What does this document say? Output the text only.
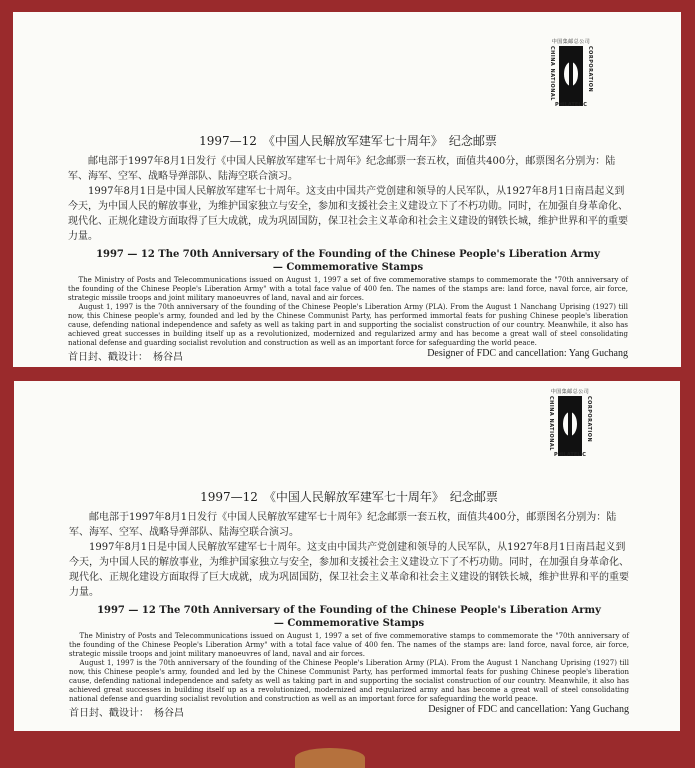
中国集邮总公司
CHINA NATIONAL	CORPORATION
PHILATELIC
1997—12　《中国人民解放军建军七十周年》　纪念邮票

邮电部于1997年8月1日发行《中国人民解放军建军七十周年》纪念邮票一套五枚，面值共400分，邮票图名分别为：陆军、海军、空军、战略导弹部队、陆海空联合演习。

1997年8月1日是中国人民解放军建军七十周年。这支由中国共产党创建和领导的人民军队，从1927年8月1日南昌起义到今天，为中国人民的解放事业，为维护国家独立与安全，参加和支援社会主义建设立下了不朽功勋。同时，在加强自身革命化、现代化、正规化建设方面取得了巨大成就，成为巩固国防，保卫社会主义革命和社会主义建设的钢铁长城，维护世界和平的重要力量。

1997 — 12 The 70th Anniversary of the Founding of the Chinese People's Liberation Army
— Commemorative Stamps

The Ministry of Posts and Telecommunications issued on August 1, 1997 a set of five commemorative stamps to commemorate the "70th anniversary of the founding of the Chinese People's Liberation Army" with a total face value of 400 fen. The names of the stamps are: land force, naval force, air force, strategic missile troops and joint military manoeuvres of land, naval and air forces.

August 1, 1997 is the 70th anniversary of the founding of the Chinese People's Liberation Army (PLA). From the August 1 Nanchang Uprising (1927) till now, this Chinese people's army, founded and led by the Chinese Communist Party, has performed immortal feats for pushing Chinese people's liberation cause, defending national independence and safety as well as taking part in and supporting the socialist construction of our country. Meanwhile, it also has achieved great successes in building itself up as a revolutionized, modernized and regularized army and has become a great wall of steel consolidating national defense and guarding socialist revolution and construction as well as an important force for safeguarding the world peace.

首日封、戳设计：　杨谷昌	Designer of FDC and cancellation: Yang Guchang
中国集邮总公司
CHINA NATIONAL	CORPORATION
PHILATELIC
1997—12　《中国人民解放军建军七十周年》　纪念邮票

邮电部于1997年8月1日发行《中国人民解放军建军七十周年》纪念邮票一套五枚，面值共400分，邮票图名分别为：陆军、海军、空军、战略导弹部队、陆海空联合演习。

1997年8月1日是中国人民解放军建军七十周年。这支由中国共产党创建和领导的人民军队，从1927年8月1日南昌起义到今天，为中国人民的解放事业，为维护国家独立与安全，参加和支援社会主义建设立下了不朽功勋。同时，在加强自身革命化、现代化、正规化建设方面取得了巨大成就，成为巩固国防，保卫社会主义革命和社会主义建设的钢铁长城，维护世界和平的重要力量。

1997 — 12 The 70th Anniversary of the Founding of the Chinese People's Liberation Army
— Commemorative Stamps

The Ministry of Posts and Telecommunications issued on August 1, 1997 a set of five commemorative stamps to commemorate the "70th anniversary of the founding of the Chinese People's Liberation Army" with a total face value of 400 fen. The names of the stamps are: land force, naval force, air force, strategic missile troops and joint military manoeuvres of land, naval and air forces.

August 1, 1997 is the 70th anniversary of the founding of the Chinese People's Liberation Army (PLA). From the August 1 Nanchang Uprising (1927) till now, this Chinese people's army, founded and led by the Chinese Communist Party, has performed immortal feats for pushing Chinese people's liberation cause, defending national independence and safety as well as taking part in and supporting the socialist construction of our country. Meanwhile, it also has achieved great successes in building itself up as a revolutionized, modernized and regularized army and has become a great wall of steel consolidating national defense and guarding socialist revolution and construction as well as an important force for safeguarding the world peace.

首日封、戳设计：　杨谷昌	Designer of FDC and cancellation: Yang Guchang
